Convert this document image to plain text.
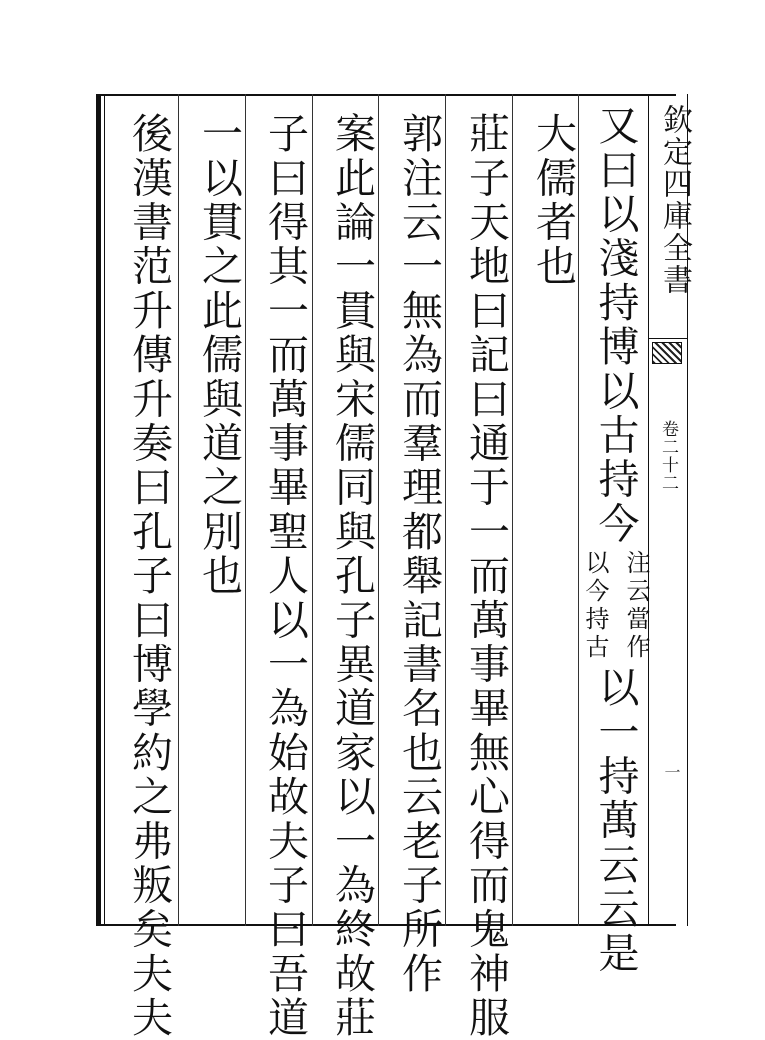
欽定四庫全書
卷二十二
一
又曰以淺持博以古持今
注云當作
以今持古
以一持萬云云是
大儒者也
莊子天地曰記曰通于一而萬事畢無心得而鬼神服
郭注云一無為而羣理都舉記書名也云老子所作
案此論一貫與宋儒同與孔子異道家以一為終故莊
子曰得其一而萬事畢聖人以一為始故夫子曰吾道
一以貫之此儒與道之別也
後漢書范升傳升奏曰孔子曰博學約之弗叛矣夫夫
